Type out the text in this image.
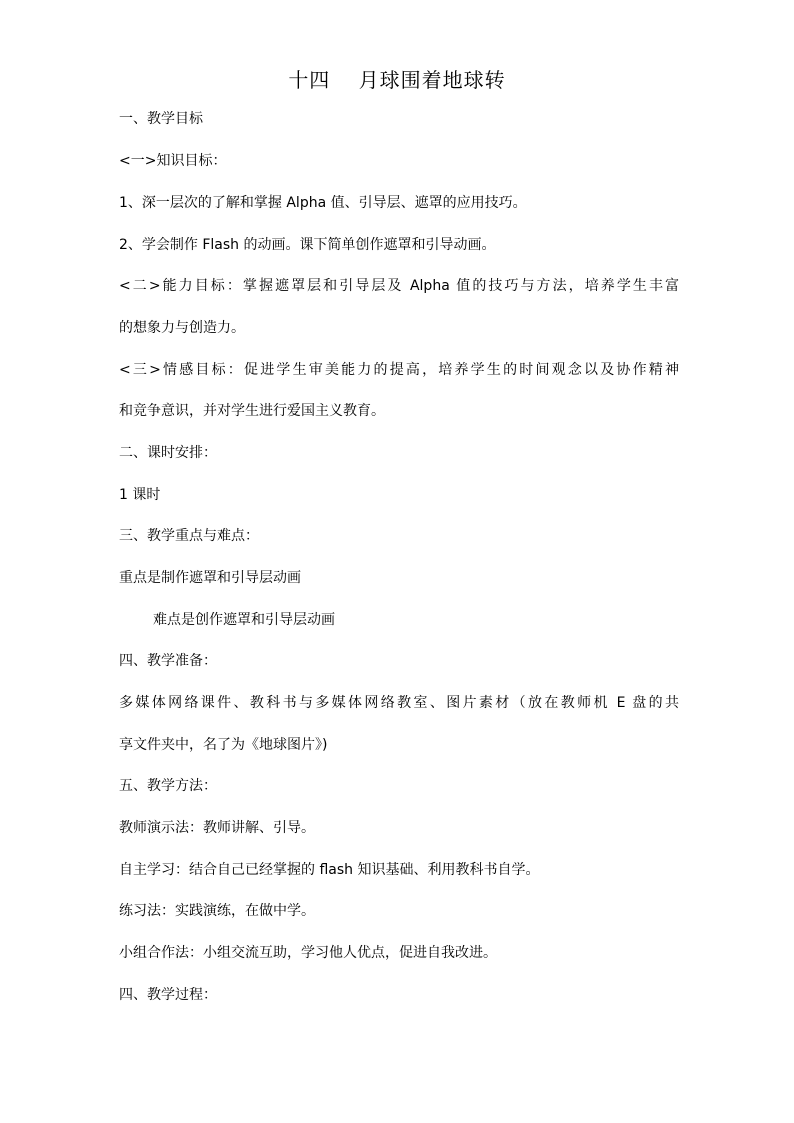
十四　 月球围着地球转
一、教学目标
<一>知识目标：
1、深一层次的了解和掌握 Alpha 值、引导层、遮罩的应用技巧。
2、学会制作 Flash 的动画。课下简单创作遮罩和引导动画。
<二>能力目标：掌握遮罩层和引导层及 Alpha 值的技巧与方法，培养学生丰富
的想象力与创造力。
<三>情感目标：促进学生审美能力的提高，培养学生的时间观念以及协作精神
和竞争意识，并对学生进行爱国主义教育。
二、课时安排：
1 课时
三、教学重点与难点：
重点是制作遮罩和引导层动画
难点是创作遮罩和引导层动画
四、教学准备：
多媒体网络课件、教科书与多媒体网络教室、图片素材（放在教师机 E 盘的共
享文件夹中，名了为《地球图片》)
五、教学方法：
教师演示法：教师讲解、引导。
自主学习：结合自己已经掌握的 flash 知识基础、利用教科书自学。
练习法：实践演练，在做中学。
小组合作法：小组交流互助，学习他人优点，促进自我改进。
四、教学过程：
